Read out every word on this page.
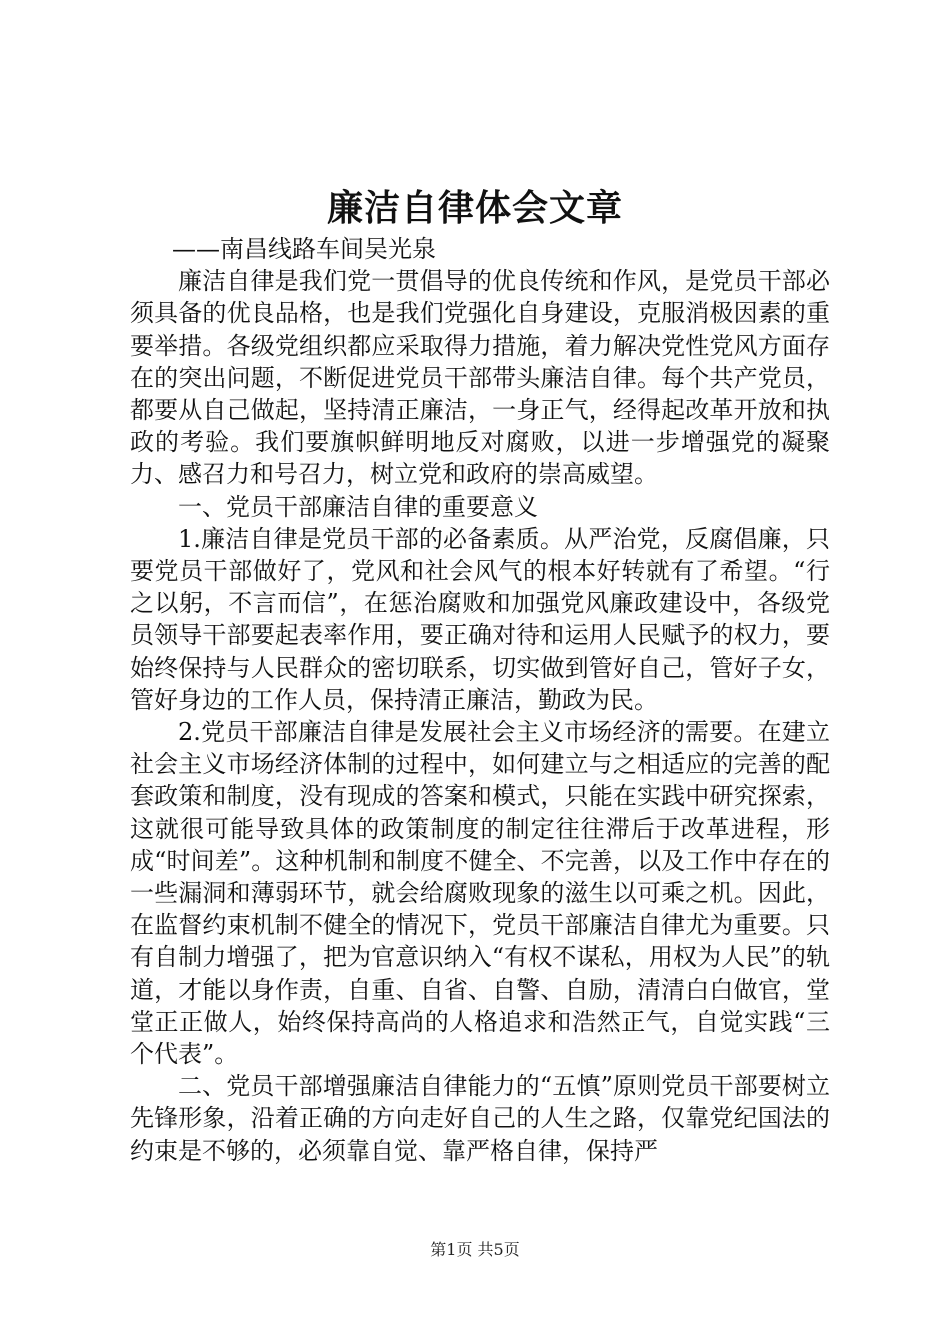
廉洁自律体会文章

——南昌线路车间吴光泉

廉洁自律是我们党一贯倡导的优良传统和作风，是党员干部必须具备的优良品格，也是我们党强化自身建设，克服消极因素的重要举措。各级党组织都应采取得力措施，着力解决党性党风方面存在的突出问题，不断促进党员干部带头廉洁自律。每个共产党员，都要从自己做起，坚持清正廉洁，一身正气，经得起改革开放和执政的考验。我们要旗帜鲜明地反对腐败，以进一步增强党的凝聚力、感召力和号召力，树立党和政府的崇高威望。

一、党员干部廉洁自律的重要意义

1.廉洁自律是党员干部的必备素质。从严治党，反腐倡廉，只要党员干部做好了，党风和社会风气的根本好转就有了希望。“行之以躬，不言而信”，在惩治腐败和加强党风廉政建设中，各级党员领导干部要起表率作用，要正确对待和运用人民赋予的权力，要始终保持与人民群众的密切联系，切实做到管好自己，管好子女，管好身边的工作人员，保持清正廉洁，勤政为民。

2.党员干部廉洁自律是发展社会主义市场经济的需要。在建立社会主义市场经济体制的过程中，如何建立与之相适应的完善的配套政策和制度，没有现成的答案和模式，只能在实践中研究探索，这就很可能导致具体的政策制度的制定往往滞后于改革进程，形成“时间差”。这种机制和制度不健全、不完善，以及工作中存在的一些漏洞和薄弱环节，就会给腐败现象的滋生以可乘之机。因此，在监督约束机制不健全的情况下，党员干部廉洁自律尤为重要。只有自制力增强了，把为官意识纳入“有权不谋私，用权为人民”的轨道，才能以身作责，自重、自省、自警、自励，清清白白做官，堂堂正正做人，始终保持高尚的人格追求和浩然正气，自觉实践“三个代表”。

二、党员干部增强廉洁自律能力的“五慎”原则党员干部要树立先锋形象，沿着正确的方向走好自己的人生之路，仅靠党纪国法的约束是不够的，必须靠自觉、靠严格自律，保持严

第1页 共5页
